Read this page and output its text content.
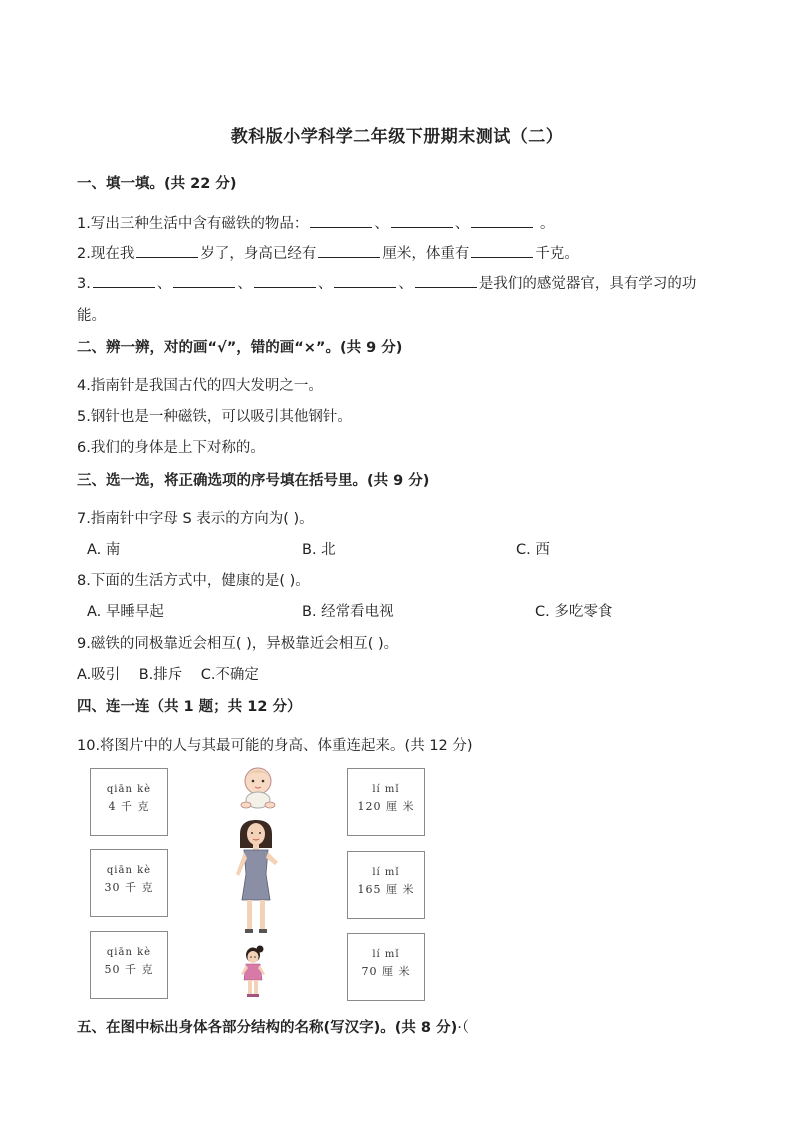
教科版小学科学二年级下册期末测试（二）
一、填一填。(共 22 分)
1.写出三种生活中含有磁铁的物品：	、	、	。
2.现在我	岁了，身高已经有	厘米，体重有	千克。
3.	、	、	、	、	是我们的感觉器官，具有学习的功
能。
二、辨一辨，对的画“√”，错的画“×”。(共 9 分)
4.指南针是我国古代的四大发明之一。
5.钢针也是一种磁铁，可以吸引其他钢针。
6.我们的身体是上下对称的。
三、选一选，将正确选项的序号填在括号里。(共 9 分)
7.指南针中字母 S 表示的方向为( )。
A. 南	B. 北	C. 西
8.下面的生活方式中，健康的是( )。
A. 早睡早起	B. 经常看电视	C. 多吃零食
9.磁铁的同极靠近会相互( )，异极靠近会相互( )。
A.吸引    B.排斥    C.不确定
四、连一连（共 1 题；共 12 分）
10.将图片中的人与其最可能的身高、体重连起来。(共 12 分)
qiān kè
4 千 克
qiān kè
30 千 克
qiān kè
50 千 克
lí mǐ
120 厘 米
lí mǐ
165 厘 米
lí mǐ
70 厘 米
五、在图中标出身体各部分结构的名称(写汉字)。(共 8 分)·（
